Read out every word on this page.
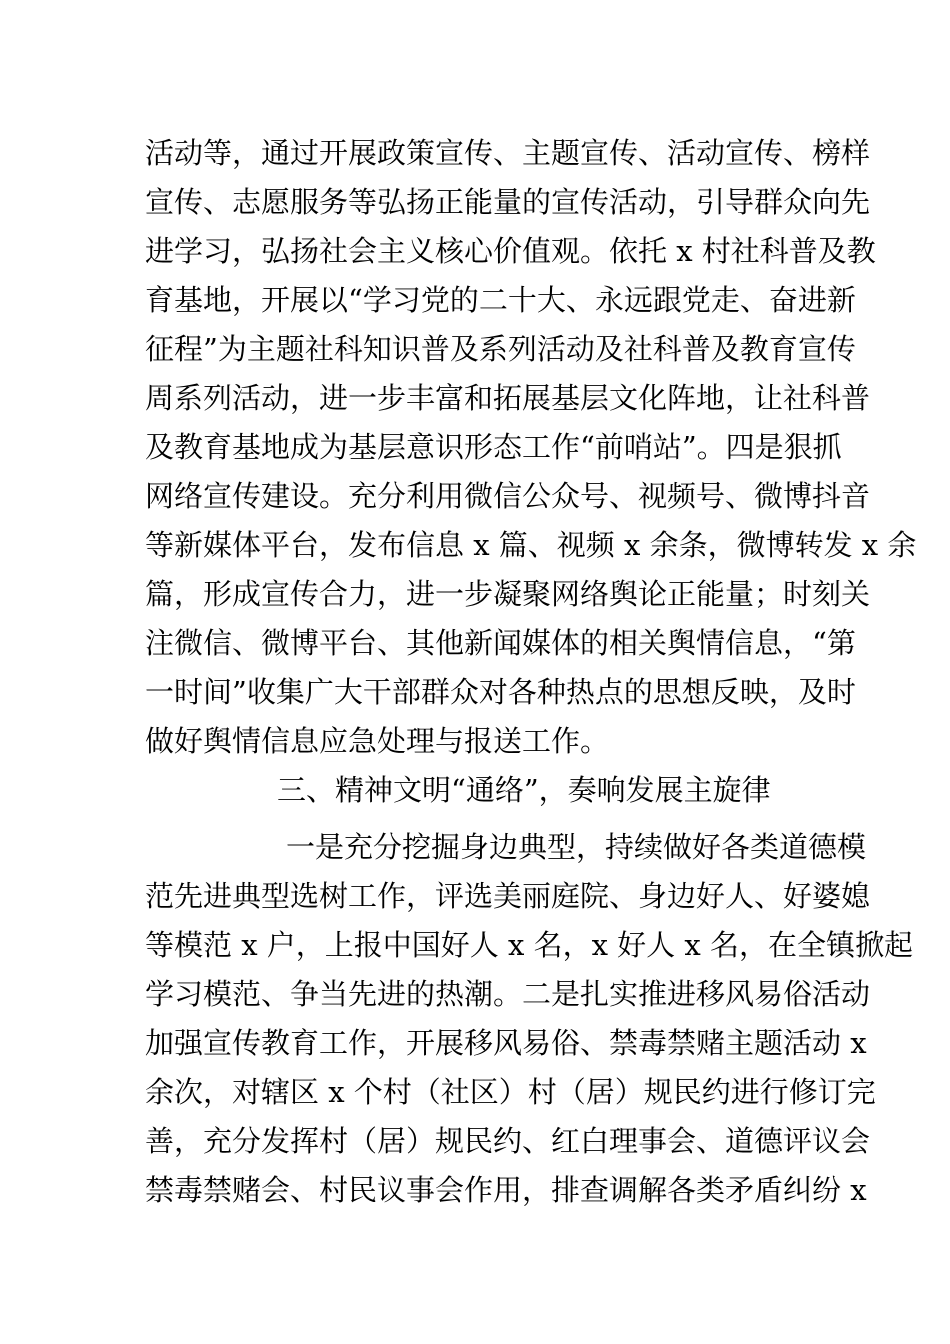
活动等，通过开展政策宣传、主题宣传、活动宣传、榜样
宣传、志愿服务等弘扬正能量的宣传活动，引导群众向先
进学习，弘扬社会主义核心价值观。依托 x 村社科普及教
育基地，开展以“学习党的二十大、永远跟党走、奋进新
征程”为主题社科知识普及系列活动及社科普及教育宣传
周系列活动，进一步丰富和拓展基层文化阵地，让社科普
及教育基地成为基层意识形态工作“前哨站”。四是狠抓
网络宣传建设。充分利用微信公众号、视频号、微博抖音
等新媒体平台，发布信息 x 篇、视频 x 余条，微博转发 x 余
篇，形成宣传合力，进一步凝聚网络舆论正能量；时刻关
注微信、微博平台、其他新闻媒体的相关舆情信息，“第
一时间”收集广大干部群众对各种热点的思想反映，及时
做好舆情信息应急处理与报送工作。
三、精神文明“通络”，奏响发展主旋律
一是充分挖掘身边典型，持续做好各类道德模
范先进典型选树工作，评选美丽庭院、身边好人、好婆媳
等模范 x 户，上报中国好人 x 名，x 好人 x 名，在全镇掀起
学习模范、争当先进的热潮。二是扎实推进移风易俗活动
加强宣传教育工作，开展移风易俗、禁毒禁赌主题活动 x
余次，对辖区 x 个村（社区）村（居）规民约进行修订完
善，充分发挥村（居）规民约、红白理事会、道德评议会
禁毒禁赌会、村民议事会作用，排查调解各类矛盾纠纷 x
